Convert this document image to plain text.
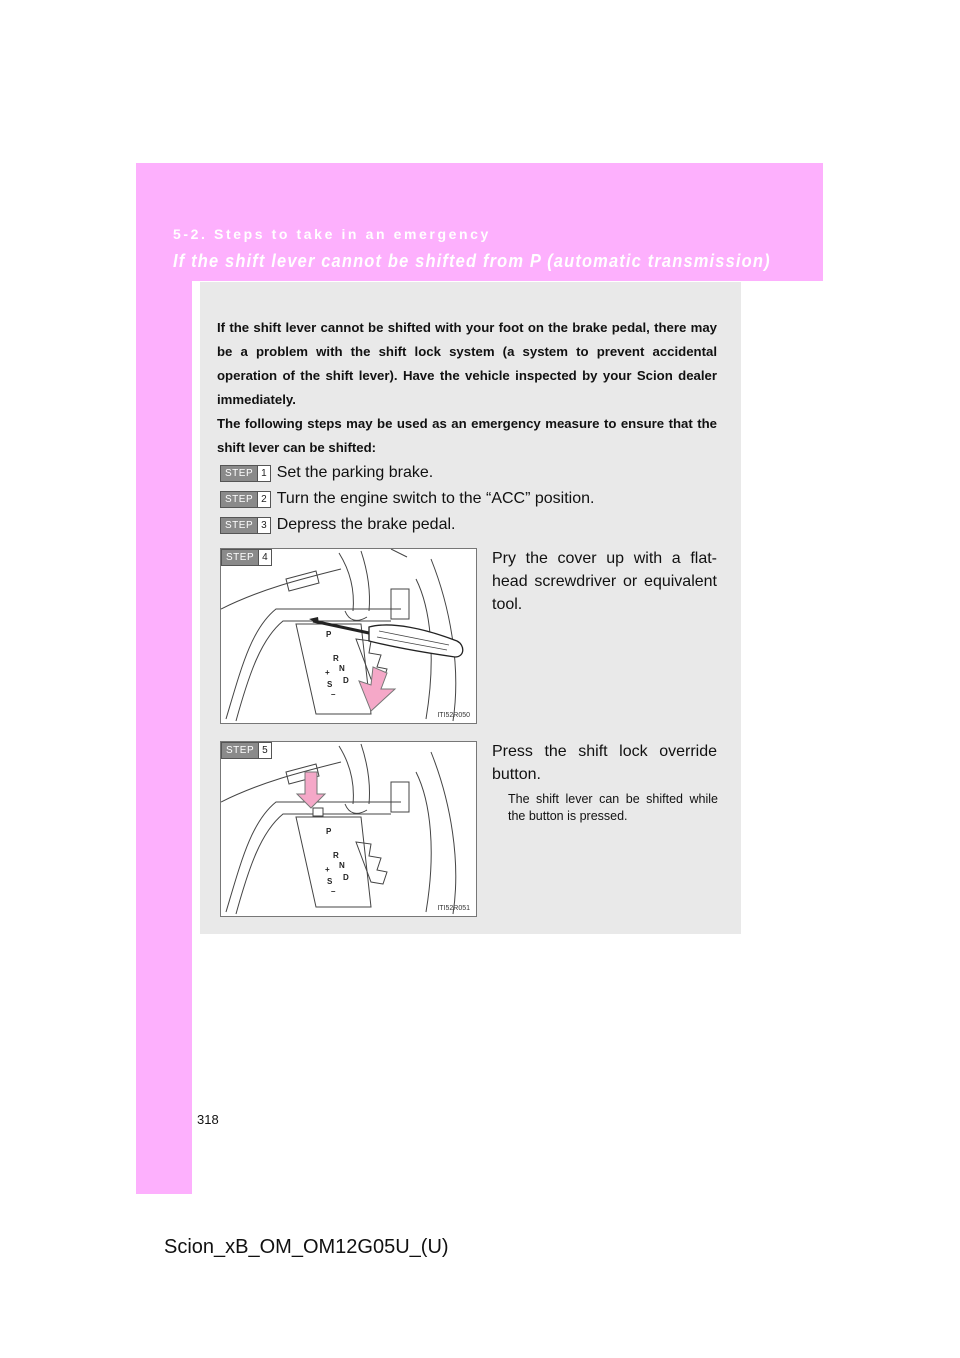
5-2. Steps to take in an emergency
If the shift lever cannot be shifted from P (automatic transmission)

If the shift lever cannot be shifted with your foot on the brake pedal, there may be a problem with the shift lock system (a system to prevent accidental operation of the shift lever). Have the vehicle inspected by your Scion dealer immediately.

The following steps may be used as an emergency measure to ensure that the shift lever can be shifted:

STEP 1 Set the parking brake.
STEP 2 Turn the engine switch to the “ACC” position.
STEP 3 Depress the brake pedal.
STEP 4
P
R
N
+
D
S
–
ITI52R050
Pry the cover up with a flat-head screwdriver or equivalent tool.
STEP 5
P
R
N
+
D
S
–
ITI52R051
Press the shift lock override button.
The shift lever can be shifted while the button is pressed.
318
Scion_xB_OM_OM12G05U_(U)
